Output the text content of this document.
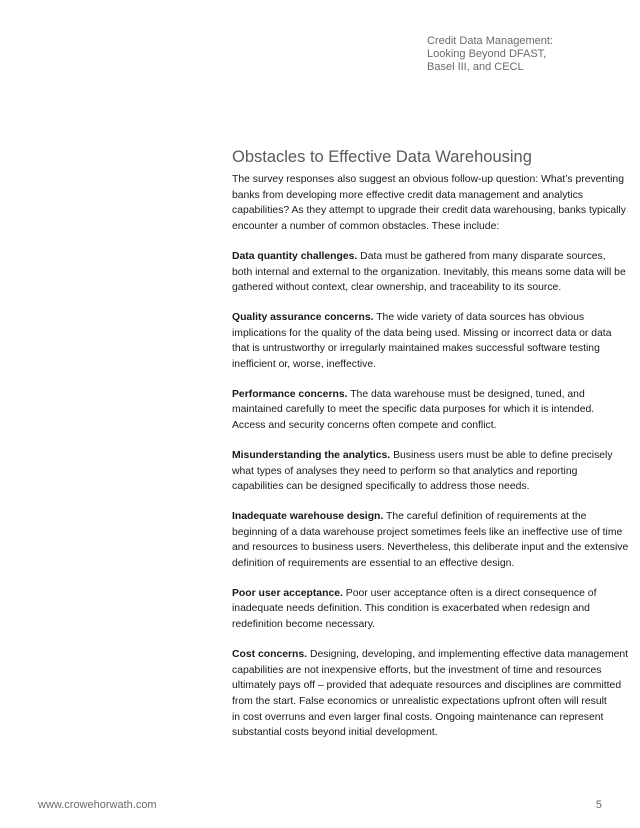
Credit Data Management:
Looking Beyond DFAST,
Basel III, and CECL
Obstacles to Effective Data Warehousing

The survey responses also suggest an obvious follow-up question: What’s preventing
banks from developing more effective credit data management and analytics
capabilities? As they attempt to upgrade their credit data warehousing, banks typically
encounter a number of common obstacles. These include:

Data quantity challenges. Data must be gathered from many disparate sources,
both internal and external to the organization. Inevitably, this means some data will be
gathered without context, clear ownership, and traceability to its source.

Quality assurance concerns. The wide variety of data sources has obvious
implications for the quality of the data being used. Missing or incorrect data or data
that is untrustworthy or irregularly maintained makes successful software testing
inefficient or, worse, ineffective.

Performance concerns. The data warehouse must be designed, tuned, and
maintained carefully to meet the specific data purposes for which it is intended.
Access and security concerns often compete and conflict.

Misunderstanding the analytics. Business users must be able to define precisely
what types of analyses they need to perform so that analytics and reporting
capabilities can be designed specifically to address those needs.

Inadequate warehouse design. The careful definition of requirements at the
beginning of a data warehouse project sometimes feels like an ineffective use of time
and resources to business users. Nevertheless, this deliberate input and the extensive
definition of requirements are essential to an effective design.

Poor user acceptance. Poor user acceptance often is a direct consequence of
inadequate needs definition. This condition is exacerbated when redesign and
redefinition become necessary.

Cost concerns. Designing, developing, and implementing effective data management
capabilities are not inexpensive efforts, but the investment of time and resources
ultimately pays off – provided that adequate resources and disciplines are committed
from the start. False economics or unrealistic expectations upfront often will result
in cost overruns and even larger final costs. Ongoing maintenance can represent
substantial costs beyond initial development.

www.crowehorwath.com	5
